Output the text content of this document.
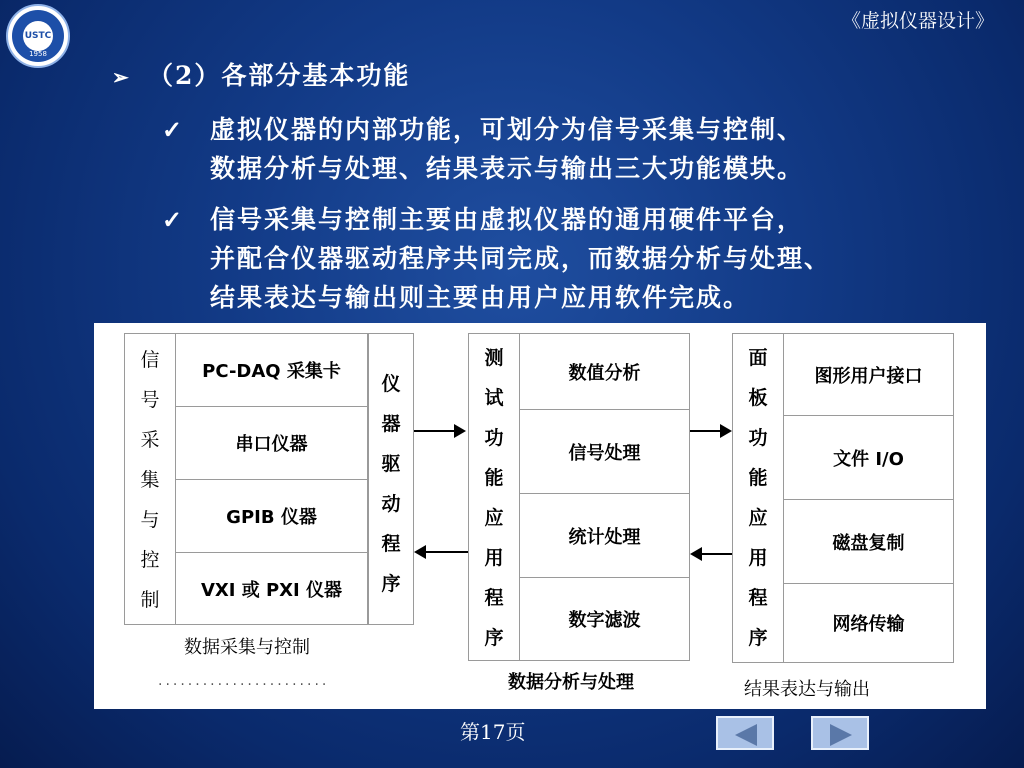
USTC
1958
《虚拟仪器设计》
➢ （2）各部分基本功能
✓ 虚拟仪器的内部功能，可划分为信号采集与控制、
数据分析与处理、结果表示与输出三大功能模块。
✓ 信号采集与控制主要由虚拟仪器的通用硬件平台，
并配合仪器驱动程序共同完成，而数据分析与处理、
结果表达与输出则主要由用户应用软件完成。
信
号
采
集
与
控
制
PC-DAQ 采集卡
串口仪器
GPIB 仪器
VXI 或 PXI 仪器
数据采集与控制
·······················
仪
器
驱
动
程
序
测
试
功
能
应
用
程
序
数值分析
信号处理
统计处理
数字滤波
数据分析与处理
面
板
功
能
应
用
程
序
图形用户接口
文件 I/O
磁盘复制
网络传输
结果表达与输出
第17页
